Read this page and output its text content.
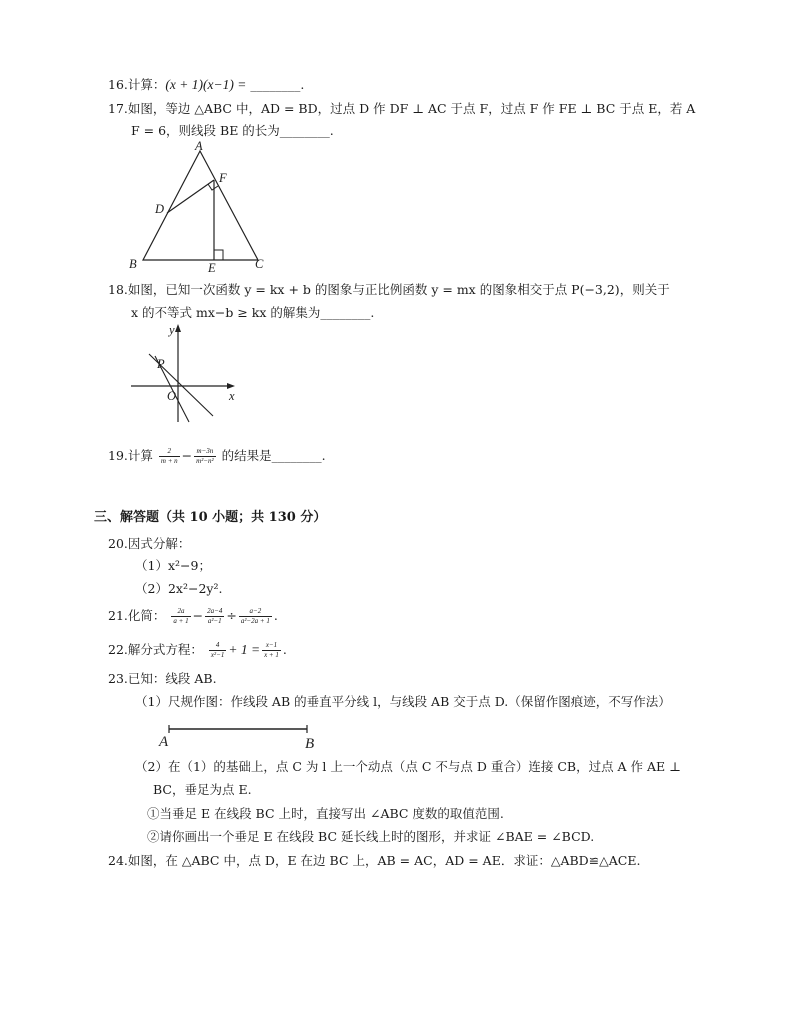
16.计算：(x + 1)(x−1) = ________.
17.如图，等边 △ABC 中，AD = BD，过点 D 作 DF ⊥ AC 于点 F，过点 F 作 FE ⊥ BC 于点 E，若 A
F = 6，则线段 BE 的长为________.
A
B	C
D
E
F
18.如图，已知一次函数 y = kx + b 的图象与正比例函数 y = mx 的图象相交于点 P(−3,2)，则关于
x 的不等式 mx−b ≥ kx 的解集为________.
y
x
O
P
19.计算 $\frac{2}{m + n} - \frac{m-3n}{\text{m²−n²}}$ 的结果是________.
三、解答题（共 10 小题；共 130 分）
20.因式分解：
（1）x²−9；
（2）2x²−2y².
21.化简： $\frac{2a}{a + 1} - \frac{2a-4}{\text{a²−1}} \div \frac{a-2}{\text{a²−2a + 1}}$ .
22.解分式方程： $\frac{4}{\text{x²−1}} + 1 = \frac{x-1}{x + 1}$ .
23.已知：线段 AB.
（1）尺规作图：作线段 AB 的垂直平分线 l，与线段 AB 交于点 D.（保留作图痕迹，不写作法）
A	B
（2）在（1）的基础上，点 C 为 l 上一个动点（点 C 不与点 D 重合）连接 CB，过点 A 作 AE ⊥
BC，垂足为点 E.
①当垂足 E 在线段 BC 上时，直接写出 ∠ABC 度数的取值范围.
②请你画出一个垂足 E 在线段 BC 延长线上时的图形，并求证 ∠BAE = ∠BCD.
24.如图，在 △ABC 中，点 D，E 在边 BC 上，AB = AC，AD = AE．求证：△ABD≌△ACE.
